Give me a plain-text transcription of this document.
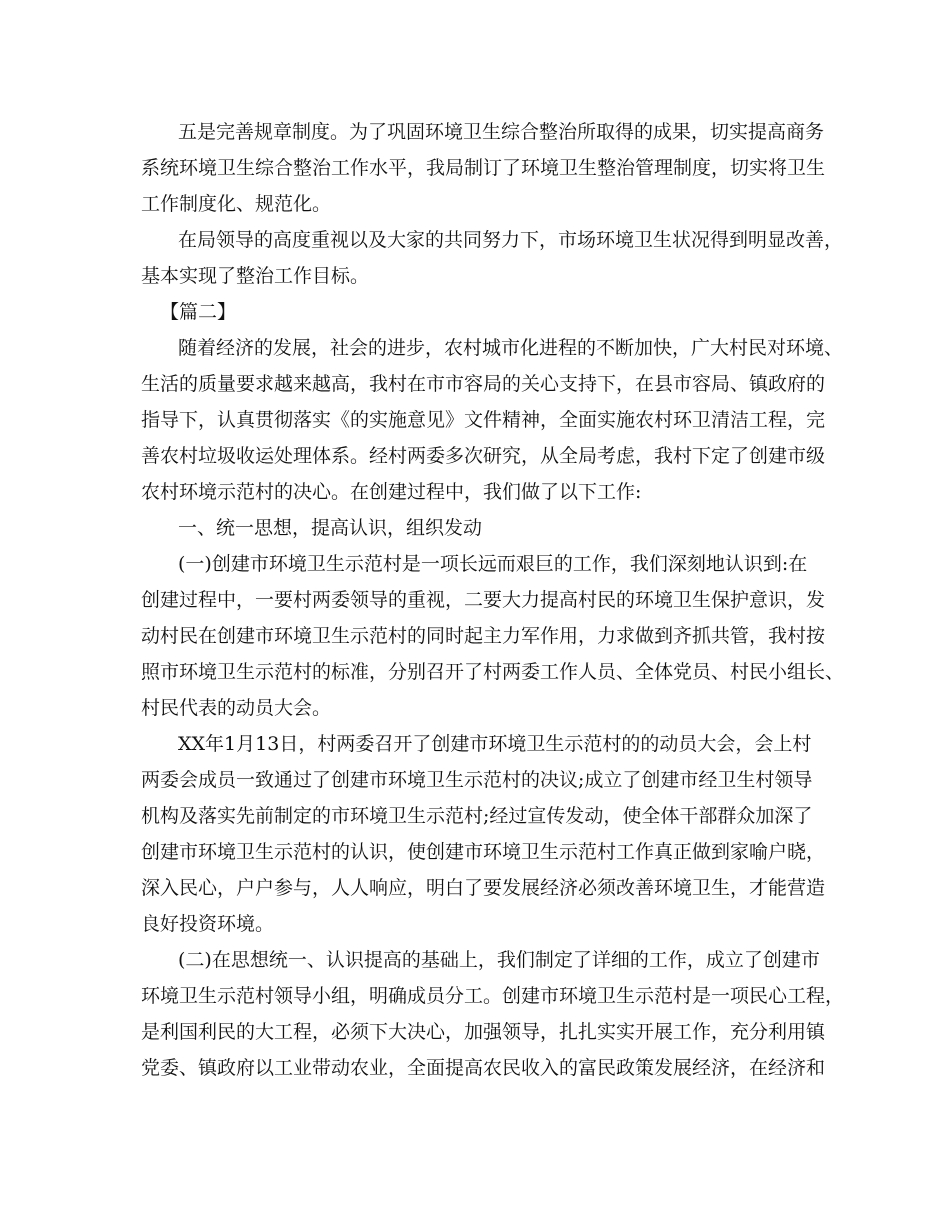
五是完善规章制度。为了巩固环境卫生综合整治所取得的成果，切实提高商务
系统环境卫生综合整治工作水平，我局制订了环境卫生整治管理制度，切实将卫生
工作制度化、规范化。
在局领导的高度重视以及大家的共同努力下，市场环境卫生状况得到明显改善，
基本实现了整治工作目标。
【篇二】
随着经济的发展，社会的进步，农村城市化进程的不断加快，广大村民对环境、
生活的质量要求越来越高，我村在市市容局的关心支持下，在县市容局、镇政府的
指导下，认真贯彻落实《的实施意见》文件精神，全面实施农村环卫清洁工程，完
善农村垃圾收运处理体系。经村两委多次研究，从全局考虑，我村下定了创建市级
农村环境示范村的决心。在创建过程中，我们做了以下工作:
一、统一思想，提高认识，组织发动
(一)创建市环境卫生示范村是一项长远而艰巨的工作，我们深刻地认识到:在
创建过程中，一要村两委领导的重视，二要大力提高村民的环境卫生保护意识，发
动村民在创建市环境卫生示范村的同时起主力军作用，力求做到齐抓共管，我村按
照市环境卫生示范村的标准，分别召开了村两委工作人员、全体党员、村民小组长、
村民代表的动员大会。
XX年1月13日，村两委召开了创建市环境卫生示范村的的动员大会，会上村
两委会成员一致通过了创建市环境卫生示范村的决议;成立了创建市经卫生村领导
机构及落实先前制定的市环境卫生示范村;经过宣传发动，使全体干部群众加深了
创建市环境卫生示范村的认识，使创建市环境卫生示范村工作真正做到家喻户晓，
深入民心，户户参与，人人响应，明白了要发展经济必须改善环境卫生，才能营造
良好投资环境。
(二)在思想统一、认识提高的基础上，我们制定了详细的工作，成立了创建市
环境卫生示范村领导小组，明确成员分工。创建市环境卫生示范村是一项民心工程，
是利国利民的大工程，必须下大决心，加强领导，扎扎实实开展工作，充分利用镇
党委、镇政府以工业带动农业，全面提高农民收入的富民政策发展经济，在经济和
